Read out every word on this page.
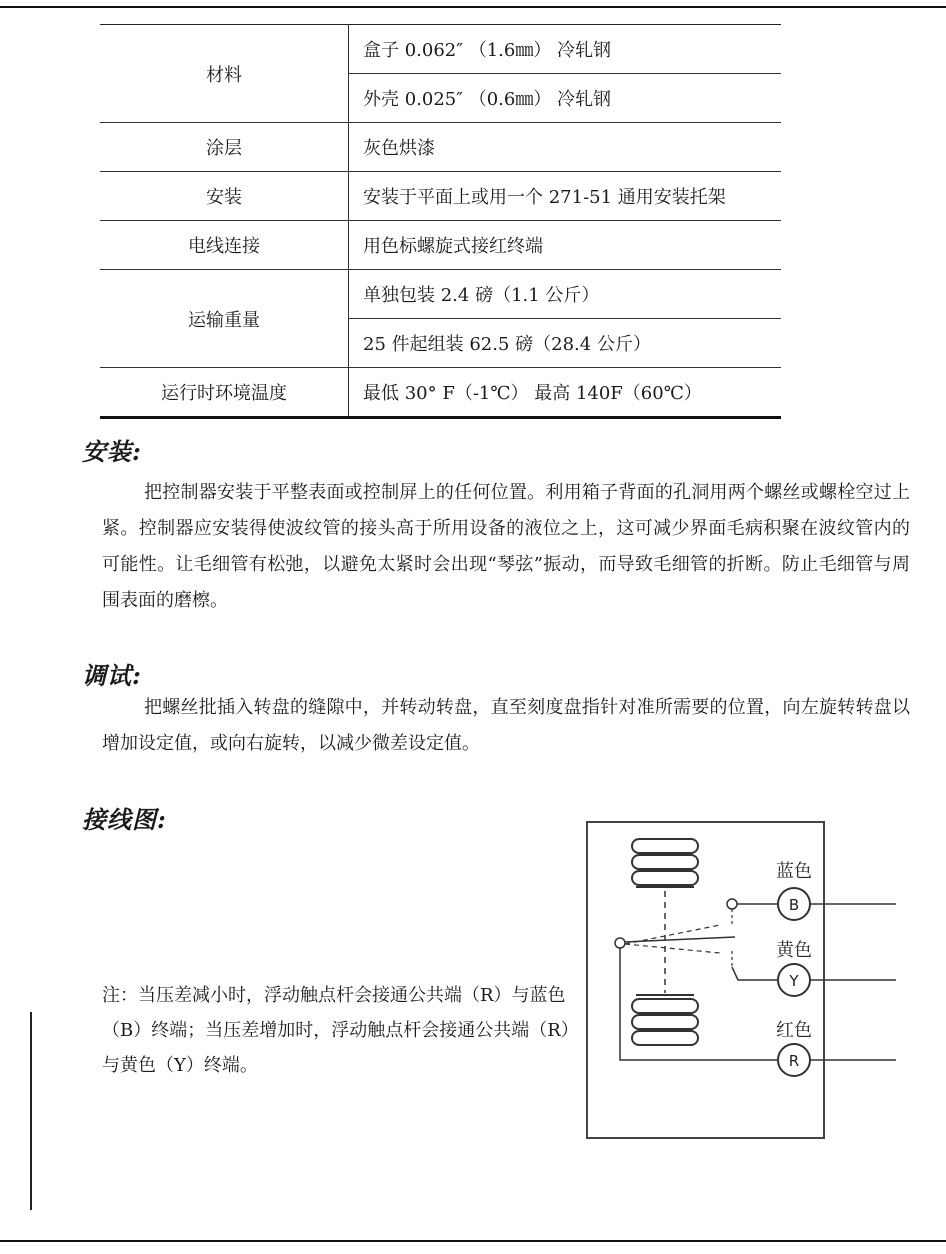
材料	盒子 0.062″ （1.6㎜） 冷轧钢
	外壳 0.025″ （0.6㎜） 冷轧钢
涂层	灰色烘漆
安装	安装于平面上或用一个 271-51 通用安装托架
电线连接	用色标螺旋式接红终端
运输重量	单独包装 2.4 磅（1.1 公斤）
	25 件起组装 62.5 磅（28.4 公斤）
运行时环境温度	最低 30° F（-1℃） 最高 140F（60℃）
安装:

把控制器安装于平整表面或控制屏上的任何位置。利用箱子背面的孔洞用两个螺丝或螺栓空过上紧。控制器应安装得使波纹管的接头高于所用设备的液位之上，这可减少界面毛病积聚在波纹管内的可能性。让毛细管有松弛，以避免太紧时会出现“琴弦”振动，而导致毛细管的折断。防止毛细管与周围表面的磨檫。

调试:

把螺丝批插入转盘的缝隙中，并转动转盘，直至刻度盘指针对准所需要的位置，向左旋转转盘以增加设定值，或向右旋转，以减少微差设定值。

接线图:

注：当压差减小时，浮动触点杆会接通公共端（R）与蓝色（B）终端；当压差增加时，浮动触点杆会接通公共端（R）与黄色（Y）终端。

B
Y
R
蓝色
黄色
红色
